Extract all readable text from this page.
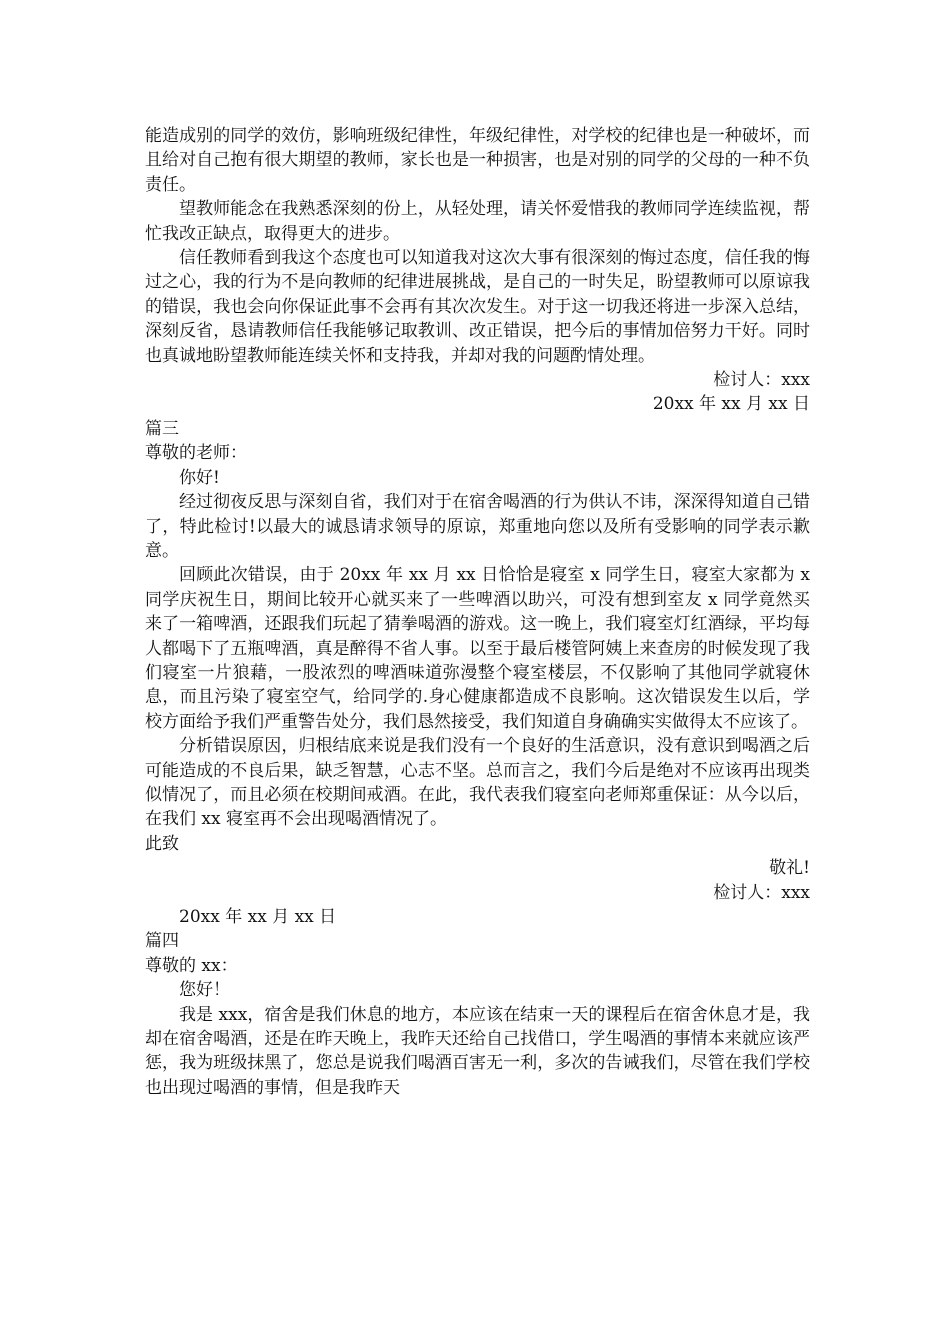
能造成别的同学的效仿，影响班级纪律性，年级纪律性，对学校的纪律也是一种破坏，而且给对自己抱有很大期望的教师，家长也是一种损害，也是对别的同学的父母的一种不负责任。

望教师能念在我熟悉深刻的份上，从轻处理，请关怀爱惜我的教师同学连续监视，帮忙我改正缺点，取得更大的进步。

信任教师看到我这个态度也可以知道我对这次大事有很深刻的悔过态度，信任我的悔过之心，我的行为不是向教师的纪律进展挑战，是自己的一时失足，盼望教师可以原谅我的错误，我也会向你保证此事不会再有其次次发生。对于这一切我还将进一步深入总结，深刻反省，恳请教师信任我能够记取教训、改正错误，把今后的事情加倍努力干好。同时也真诚地盼望教师能连续关怀和支持我，并却对我的问题酌情处理。

检讨人：xxx

20xx 年 xx 月 xx 日

篇三

尊敬的老师：

你好!

经过彻夜反思与深刻自省，我们对于在宿舍喝酒的行为供认不讳，深深得知道自己错了，特此检讨!以最大的诚恳请求领导的原谅，郑重地向您以及所有受影响的同学表示歉意。

回顾此次错误，由于 20xx 年 xx 月 xx 日恰恰是寝室 x 同学生日，寝室大家都为 x 同学庆祝生日，期间比较开心就买来了一些啤酒以助兴，可没有想到室友 x 同学竟然买来了一箱啤酒，还跟我们玩起了猜拳喝酒的游戏。这一晚上，我们寝室灯红酒绿，平均每人都喝下了五瓶啤酒，真是醉得不省人事。以至于最后楼管阿姨上来查房的时候发现了我们寝室一片狼藉，一股浓烈的啤酒味道弥漫整个寝室楼层，不仅影响了其他同学就寝休息，而且污染了寝室空气，给同学的.身心健康都造成不良影响。这次错误发生以后，学校方面给予我们严重警告处分，我们恳然接受，我们知道自身确确实实做得太不应该了。

分析错误原因，归根结底来说是我们没有一个良好的生活意识，没有意识到喝酒之后可能造成的不良后果，缺乏智慧，心志不坚。总而言之，我们今后是绝对不应该再出现类似情况了，而且必须在校期间戒酒。在此，我代表我们寝室向老师郑重保证：从今以后，在我们 xx 寝室再不会出现喝酒情况了。

此致

敬礼!

检讨人：xxx

20xx 年 xx 月 xx 日

篇四

尊敬的 xx：

您好！

我是 xxx，宿舍是我们休息的地方，本应该在结束一天的课程后在宿舍休息才是，我却在宿舍喝酒，还是在昨天晚上，我昨天还给自己找借口，学生喝酒的事情本来就应该严惩，我为班级抹黑了，您总是说我们喝酒百害无一利，多次的告诫我们，尽管在我们学校也出现过喝酒的事情，但是我昨天
